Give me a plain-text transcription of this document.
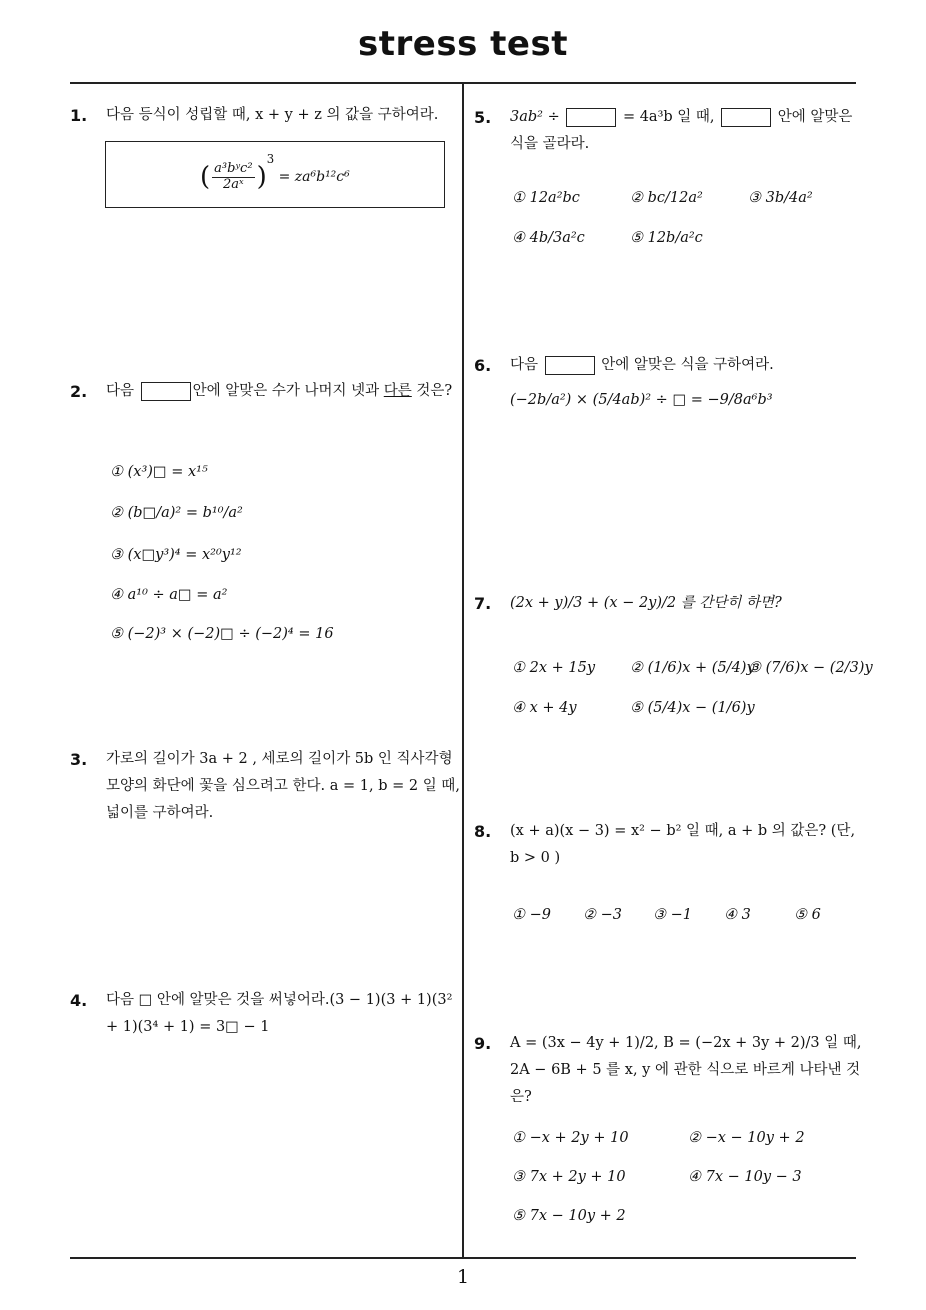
stress test
1
1. 다음 등식이 성립할 때, x + y + z 의 값을 구하여라.
( $\frac{\text{a³bʸc²}}{\text{2aˣ}} )^3 = za^6b^{12}c^6$
2. 다음	안에 알맞은 수가 나머지 넷과 다른 것은?
① (x³)□ = x¹⁵
② (b□/a)² = b¹⁰/a²
③ (x□y³)⁴ = x²⁰y¹²
④ a¹⁰ ÷ a□ = a²
⑤ (−2)³ × (−2)□ ÷ (−2)⁴ = 16
3. 가로의 길이가 3a + 2 , 세로의 길이가 5b 인 직사각형 모양의 화단에 꽃을 심으려고 한다. a = 1, b = 2 일 때, 넓이를 구하여라.
4. 다음 □ 안에 알맞은 것을 써넣어라.(3 − 1)(3 + 1)(3² + 1)(3⁴ + 1) = 3□ − 1
5. 3ab² ÷	= 4a³b 일 때,	안에 알맞은 식을 골라라.
① 12a²bc	② bc/12a²	③ 3b/4a²
④ 4b/3a²c	⑤ 12b/a²c
6. 다음	안에 알맞은 식을 구하여라.
(−2b/a²) × (5/4ab)² ÷ □ = −9/8a⁶b³
7. (2x + y)/3 + (x − 2y)/2 를 간단히 하면?
① 2x + 15y ② (1/6)x + (5/4)y
③ (7/6)x − (2/3)y
④ x + 4y	⑤ (5/4)x − (1/6)y
8. (x + a)(x − 3) = x² − b² 일 때, a + b 의 값은? (단, b > 0 )
① −9 ② −3 ③ −1 ④ 3	⑤ 6
9. A = (3x − 4y + 1)/2, B = (−2x + 3y + 2)/3 일 때, 2A − 6B + 5 를 x, y 에 관한 식으로 바르게 나타낸 것은?
① −x + 2y + 10	② −x − 10y + 2
③ 7x + 2y + 10	④ 7x − 10y − 3
⑤ 7x − 10y + 2
